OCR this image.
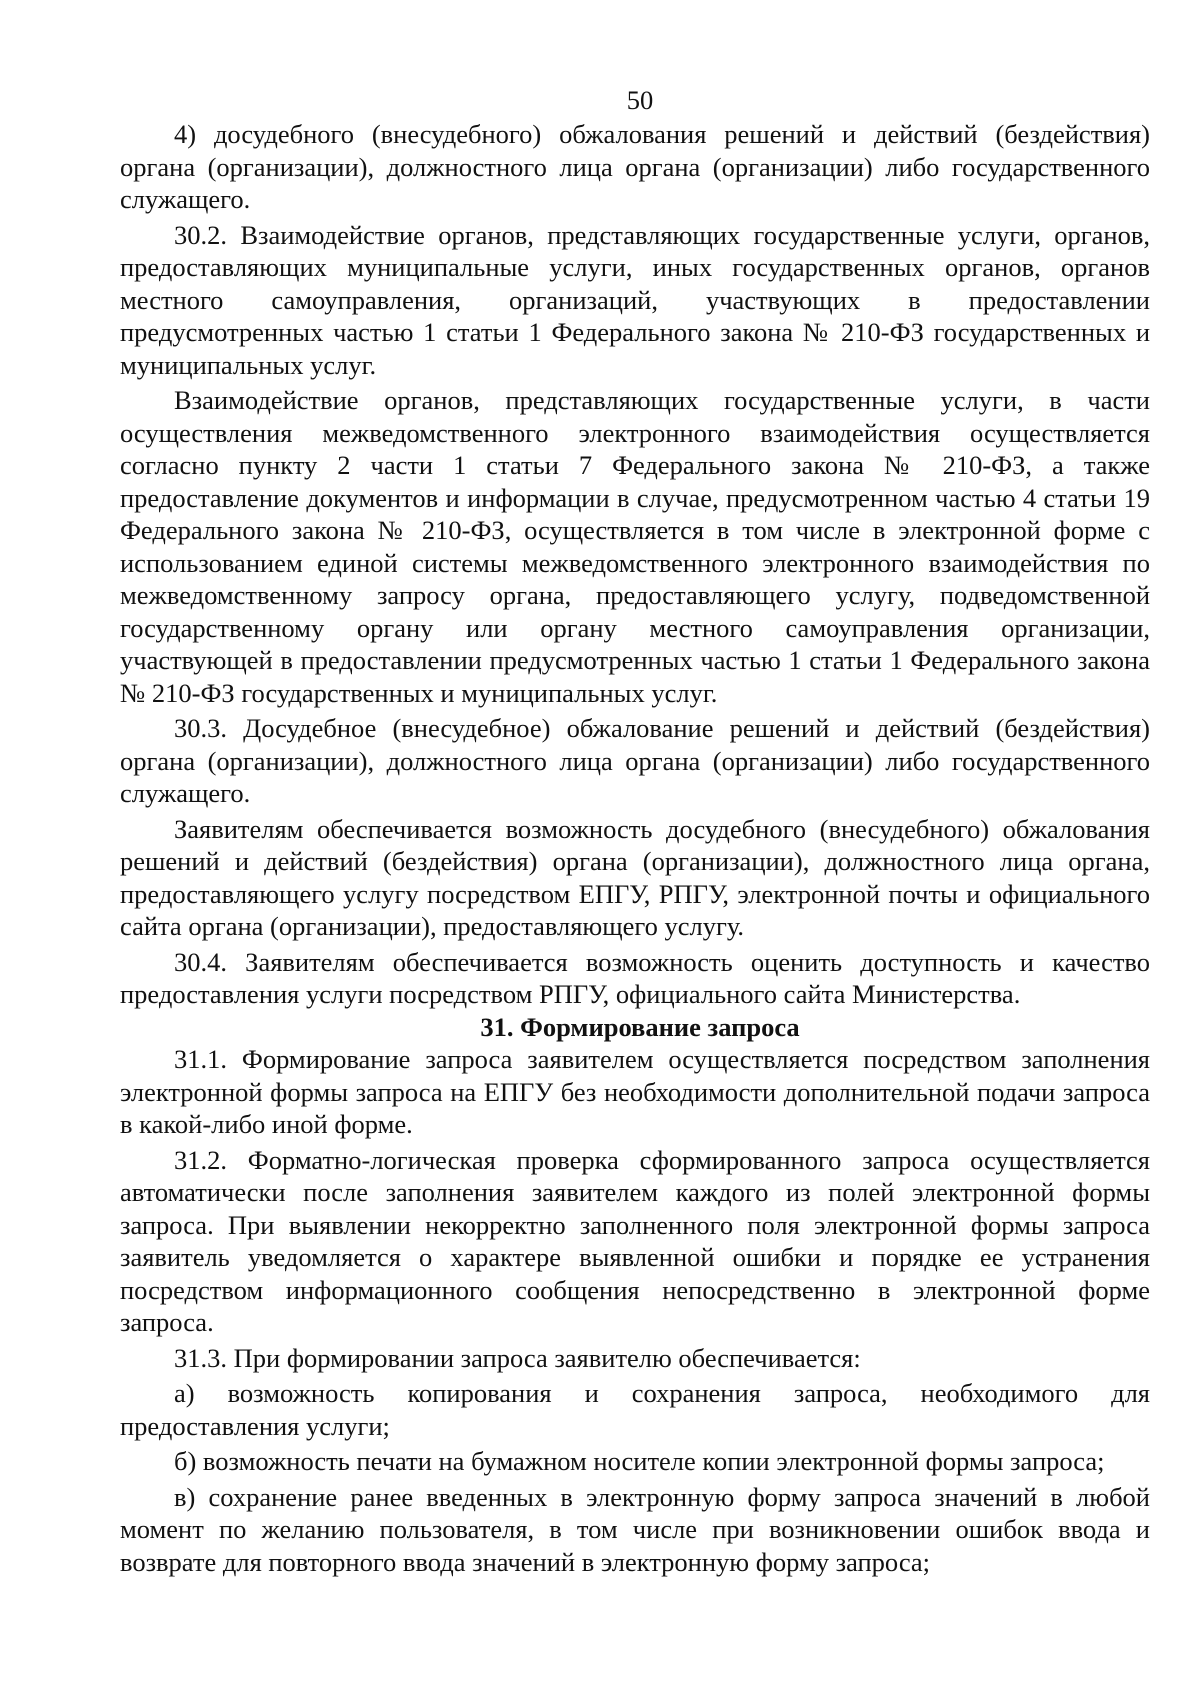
50

4) досудебного (внесудебного) обжалования решений и действий (бездействия) органа (организации), должностного лица органа (организации) либо государственного служащего.

30.2. Взаимодействие органов, представляющих государственные услуги, органов, предоставляющих муниципальные услуги, иных государственных органов, органов местного самоуправления, организаций, участвующих в предоставлении предусмотренных частью 1 статьи 1 Федерального закона № 210-ФЗ государственных и муниципальных услуг.

Взаимодействие органов, представляющих государственные услуги, в части осуществления межведомственного электронного взаимодействия осуществляется согласно пункту 2 части 1 статьи 7 Федерального закона № 210-ФЗ, а также предоставление документов и информации в случае, предусмотренном частью 4 статьи 19 Федерального закона № 210-ФЗ, осуществляется в том числе в электронной форме с использованием единой системы межведомственного электронного взаимодействия по межведомственному запросу органа, предоставляющего услугу, подведомственной государственному органу или органу местного самоуправления организации, участвующей в предоставлении предусмотренных частью 1 статьи 1 Федерального закона № 210-ФЗ государственных и муниципальных услуг.

30.3. Досудебное (внесудебное) обжалование решений и действий (бездействия) органа (организации), должностного лица органа (организации) либо государственного служащего.

Заявителям обеспечивается возможность досудебного (внесудебного) обжалования решений и действий (бездействия) органа (организации), должностного лица органа, предоставляющего услугу посредством ЕПГУ, РПГУ, электронной почты и официального сайта органа (организации), предоставляющего услугу.

30.4. Заявителям обеспечивается возможность оценить доступность и качество предоставления услуги посредством РПГУ, официального сайта Министерства.

31. Формирование запроса

31.1. Формирование запроса заявителем осуществляется посредством заполнения электронной формы запроса на ЕПГУ без необходимости дополнительной подачи запроса в какой-либо иной форме.

31.2. Форматно-логическая проверка сформированного запроса осуществляется автоматически после заполнения заявителем каждого из полей электронной формы запроса. При выявлении некорректно заполненного поля электронной формы запроса заявитель уведомляется о характере выявленной ошибки и порядке ее устранения посредством информационного сообщения непосредственно в электронной форме запроса.

31.3. При формировании запроса заявителю обеспечивается:

а) возможность копирования и сохранения запроса, необходимого для предоставления услуги;

б) возможность печати на бумажном носителе копии электронной формы запроса;

в) сохранение ранее введенных в электронную форму запроса значений в любой момент по желанию пользователя, в том числе при возникновении ошибок ввода и возврате для повторного ввода значений в электронную форму запроса;
